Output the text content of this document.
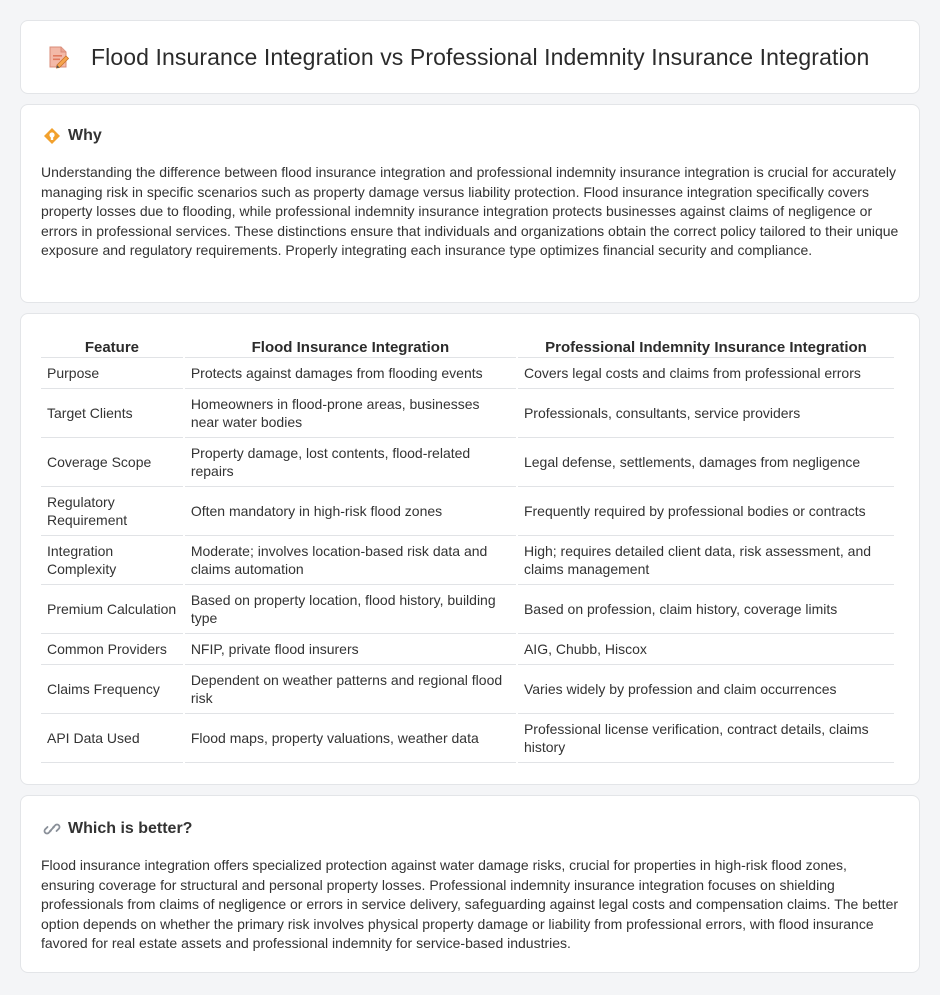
Flood Insurance Integration vs Professional Indemnity Insurance Integration
Why

Understanding the difference between flood insurance integration and professional indemnity insurance integration is crucial for accurately managing risk in specific scenarios such as property damage versus liability protection. Flood insurance integration specifically covers property losses due to flooding, while professional indemnity insurance integration protects businesses against claims of negligence or errors in professional services. These distinctions ensure that individuals and organizations obtain the correct policy tailored to their unique exposure and regulatory requirements. Properly integrating each insurance type optimizes financial security and compliance.

Feature	Flood Insurance Integration	Professional Indemnity Insurance Integration
Purpose	Protects against damages from flooding events	Covers legal costs and claims from professional errors
Target Clients	Homeowners in flood-prone areas, businesses near water bodies	Professionals, consultants, service providers
Coverage Scope	Property damage, lost contents, flood-related repairs	Legal defense, settlements, damages from negligence
Regulatory Requirement	Often mandatory in high-risk flood zones	Frequently required by professional bodies or contracts
Integration Complexity	Moderate; involves location-based risk data and claims automation	High; requires detailed client data, risk assessment, and claims management
Premium Calculation	Based on property location, flood history, building type	Based on profession, claim history, coverage limits
Common Providers	NFIP, private flood insurers	AIG, Chubb, Hiscox
Claims Frequency	Dependent on weather patterns and regional flood risk	Varies widely by profession and claim occurrences
API Data Used	Flood maps, property valuations, weather data	Professional license verification, contract details, claims history
Which is better?

Flood insurance integration offers specialized protection against water damage risks, crucial for properties in high-risk flood zones, ensuring coverage for structural and personal property losses. Professional indemnity insurance integration focuses on shielding professionals from claims of negligence or errors in service delivery, safeguarding against legal costs and compensation claims. The better option depends on whether the primary risk involves physical property damage or liability from professional errors, with flood insurance favored for real estate assets and professional indemnity for service-based industries.
